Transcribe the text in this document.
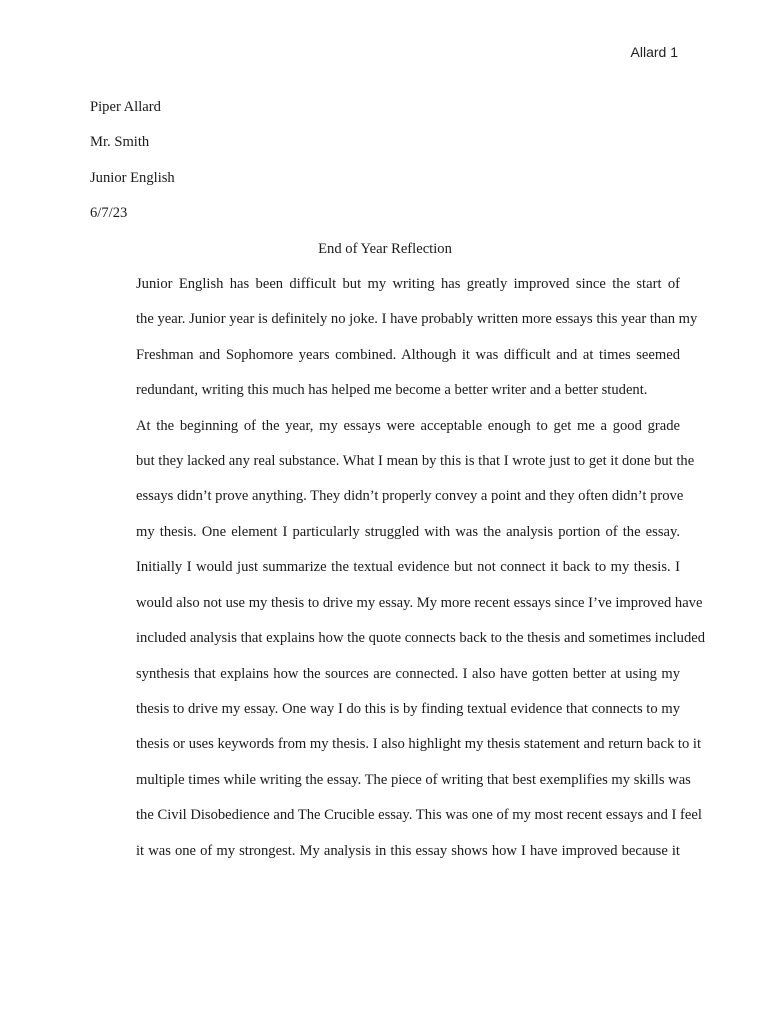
Allard 1

Piper Allard

Mr. Smith

Junior English

6/7/23

End of Year Reflection

Junior English has been difficult but my writing has greatly improved since the start of
the year. Junior year is definitely no joke. I have probably written more essays this year than my
Freshman and Sophomore years combined. Although it was difficult and at times seemed
redundant, writing this much has helped me become a better writer and a better student.
At the beginning of the year, my essays were acceptable enough to get me a good grade
but they lacked any real substance. What I mean by this is that I wrote just to get it done but the
essays didn’t prove anything. They didn’t properly convey a point and they often didn’t prove
my thesis. One element I particularly struggled with was the analysis portion of the essay.
Initially I would just summarize the textual evidence but not connect it back to my thesis. I
would also not use my thesis to drive my essay. My more recent essays since I’ve improved have
included analysis that explains how the quote connects back to the thesis and sometimes included
synthesis that explains how the sources are connected. I also have gotten better at using my
thesis to drive my essay. One way I do this is by finding textual evidence that connects to my
thesis or uses keywords from my thesis. I also highlight my thesis statement and return back to it
multiple times while writing the essay. The piece of writing that best exemplifies my skills was
the Civil Disobedience and The Crucible essay. This was one of my most recent essays and I feel
it was one of my strongest. My analysis in this essay shows how I have improved because it
